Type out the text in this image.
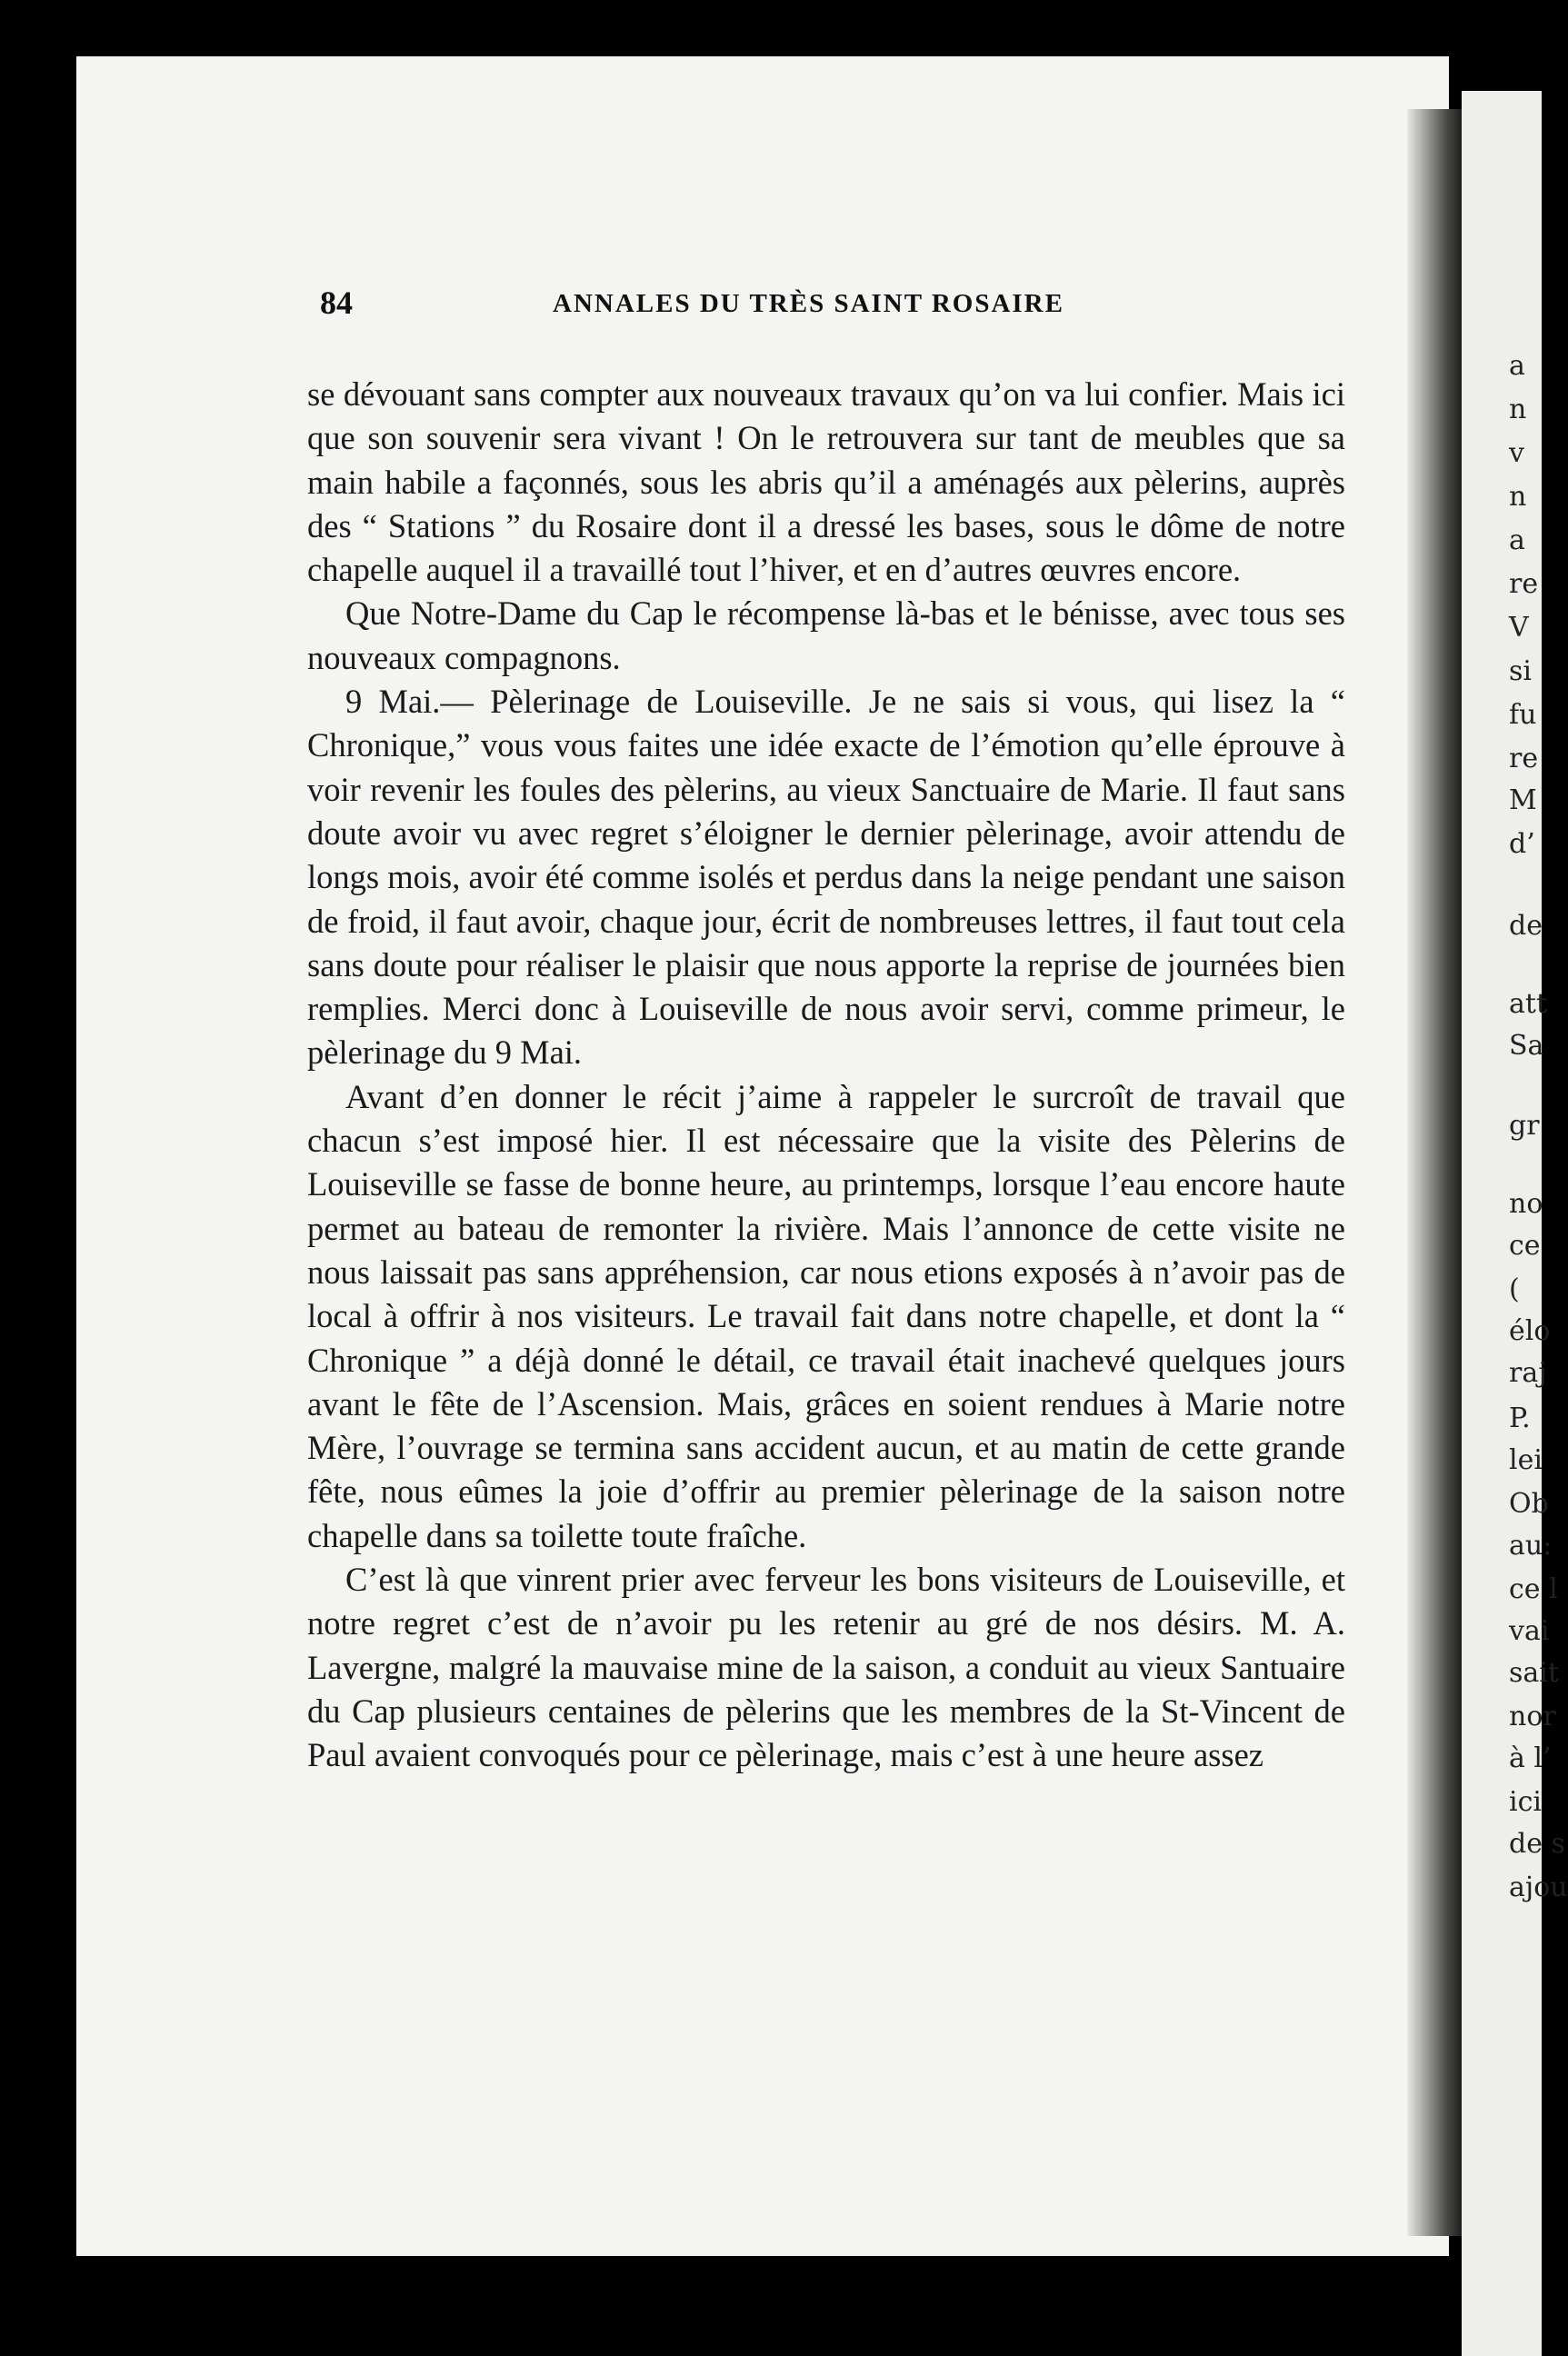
a
n
v
n
a
re
V
si
fu
re
M
d’
de
att
Sa
gr
no
ce
(
élo
raj
P.
lei
Ob
au:
ce l
vai
sait
nor
à l’
ici
de s
ajou
84	ANNALES DU TRÈS SAINT ROSAIRE

se dévouant sans compter aux nouveaux travaux qu’on va lui confier. Mais ici que son souvenir sera vivant ! On le retrouvera sur tant de meubles que sa main habile a façonnés, sous les abris qu’il a aménagés aux pèlerins, auprès des “ Stations ” du Rosaire dont il a dressé les bases, sous le dôme de notre chapelle auquel il a travaillé tout l’hiver, et en d’autres œuvres encore.

Que Notre-Dame du Cap le récompense là-bas et le bénisse, avec tous ses nouveaux compagnons.

9 Mai.— Pèlerinage de Louiseville. Je ne sais si vous, qui lisez la “ Chronique,” vous vous faites une idée exacte de l’émotion qu’elle éprouve à voir revenir les foules des pèlerins, au vieux Sanctuaire de Marie. Il faut sans doute avoir vu avec regret s’éloigner le dernier pèlerinage, avoir attendu de longs mois, avoir été comme isolés et perdus dans la neige pendant une saison de froid, il faut avoir, chaque jour, écrit de nombreuses lettres, il faut tout cela sans doute pour réaliser le plaisir que nous apporte la reprise de journées bien remplies. Merci donc à Louiseville de nous avoir servi, comme primeur, le pèlerinage du 9 Mai.

Avant d’en donner le récit j’aime à rappeler le surcroît de travail que chacun s’est imposé hier. Il est nécessaire que la visite des Pèlerins de Louiseville se fasse de bonne heure, au printemps, lorsque l’eau encore haute permet au bateau de remonter la rivière. Mais l’annonce de cette visite ne nous laissait pas sans appréhension, car nous etions exposés à n’avoir pas de local à offrir à nos visiteurs. Le travail fait dans notre chapelle, et dont la “ Chronique ” a déjà donné le détail, ce travail était inachevé quelques jours avant le fête de l’Ascension. Mais, grâces en soient rendues à Marie notre Mère, l’ouvrage se termina sans accident aucun, et au matin de cette grande fête, nous eûmes la joie d’offrir au premier pèlerinage de la saison notre chapelle dans sa toilette toute fraîche.

C’est là que vinrent prier avec ferveur les bons visiteurs de Louiseville, et notre regret c’est de n’avoir pu les retenir au gré de nos désirs. M. A. Lavergne, malgré la mauvaise mine de la saison, a conduit au vieux Santuaire du Cap plusieurs centaines de pèlerins que les membres de la St-Vincent de Paul avaient convoqués pour ce pèlerinage, mais c’est à une heure assez
